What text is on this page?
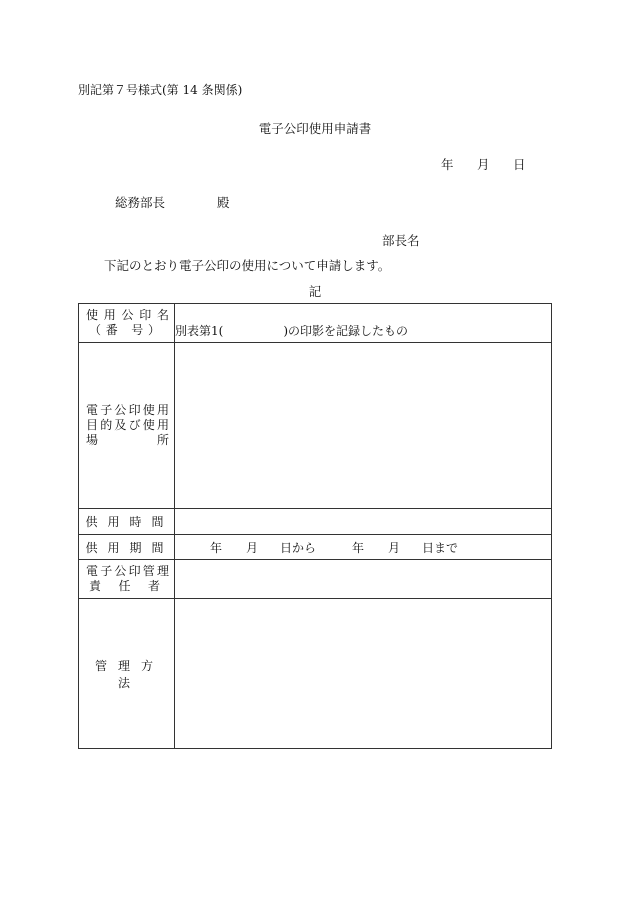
別記第７号様式(第 14 条関係)
電子公印使用申請書
年 月 日
総務部長	殿
部長名
下記のとおり電子公印の使用について申請します。
記
使用公印名
（番 号）	別表第1( )の印影を記録したもの

電子公印使用
目的及び使用
場所	

供用時間	

供用期間	年 月 日から 年 月 日まで

電子公印管理
責任者	

管理方法	
